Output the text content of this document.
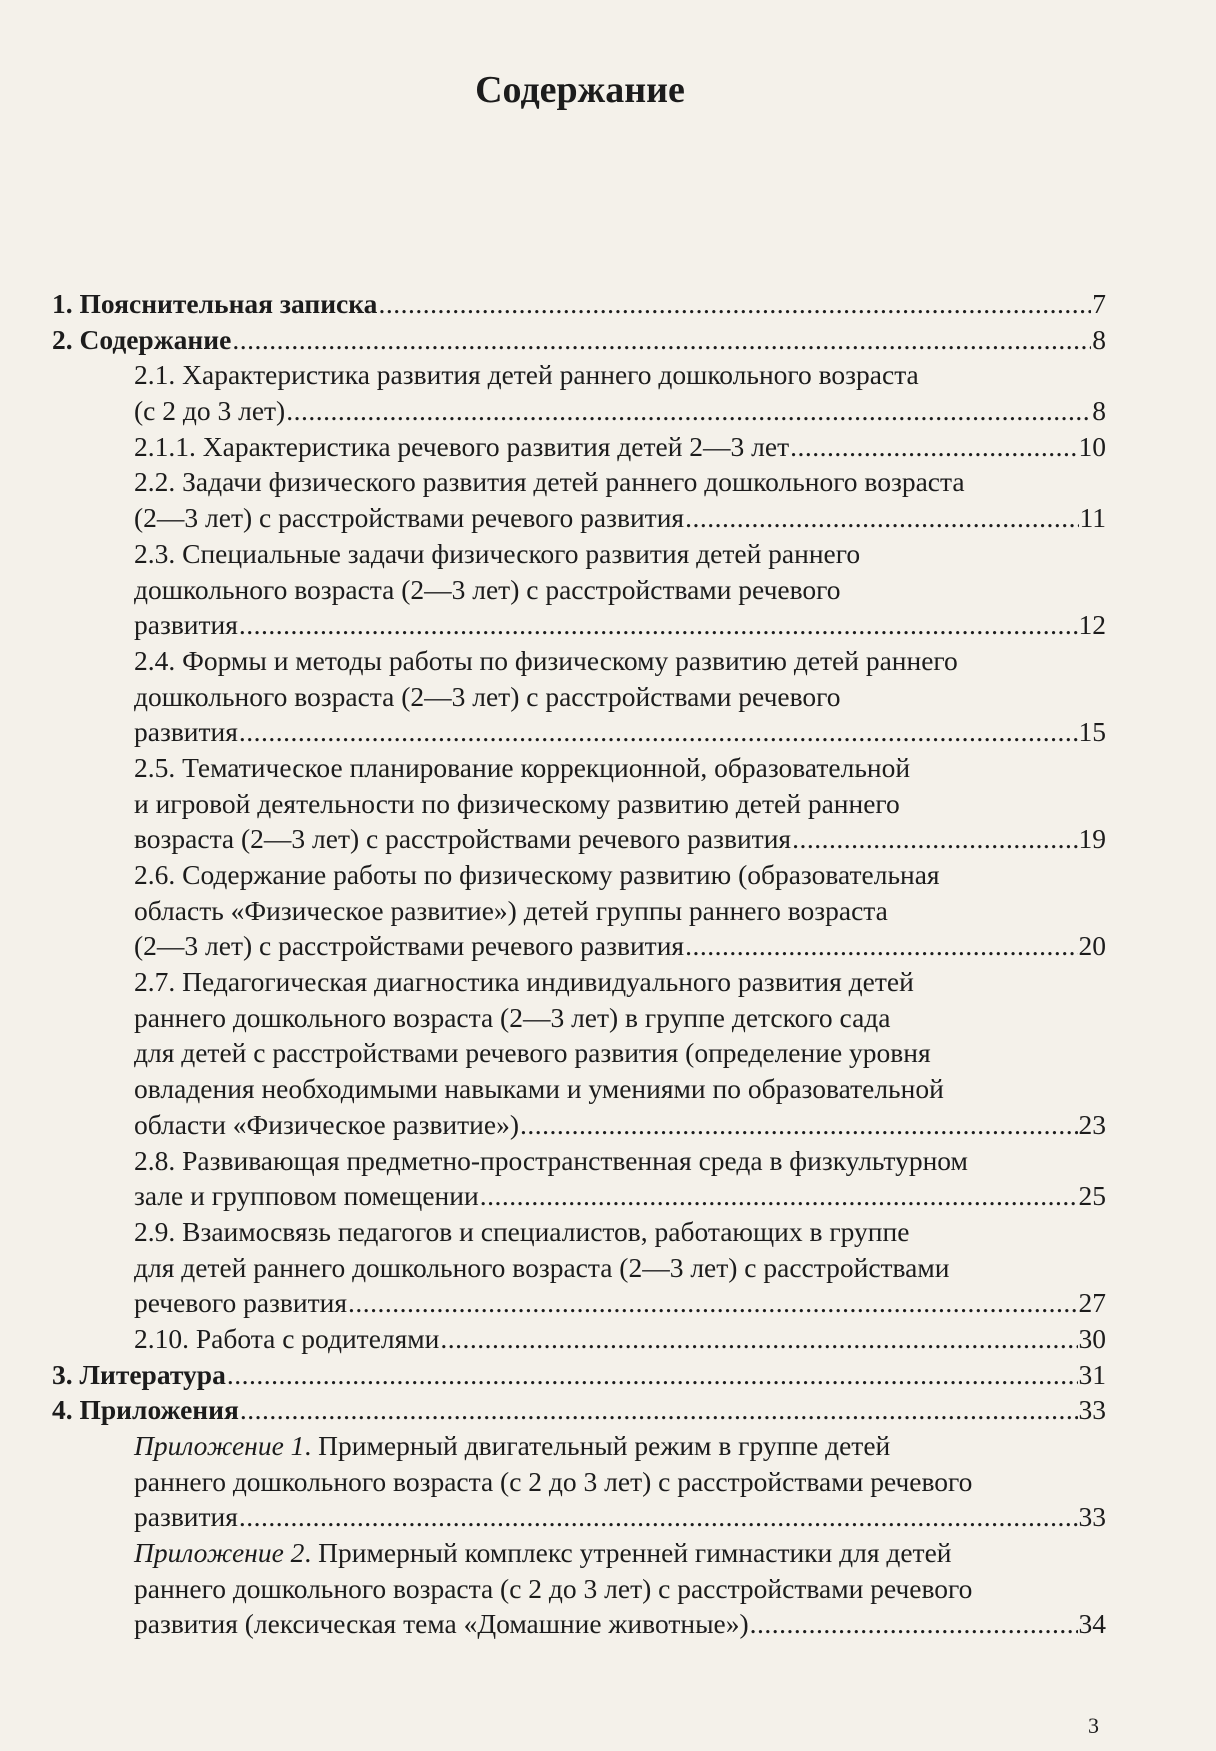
Содержание
1. Пояснительная записка .....	7
2. Содержание .....	8
2.1. Характеристика развития детей раннего дошкольного возраста
(с 2 до 3 лет) .....	8
2.1.1. Характеристика речевого развития детей 2—3 лет .....	10
2.2. Задачи физического развития детей раннего дошкольного возраста
(2—3 лет) с расстройствами речевого развития .....	11
2.3. Специальные задачи физического развития детей раннего
дошкольного возраста (2—3 лет) с расстройствами речевого
развития .....	12
2.4. Формы и методы работы по физическому развитию детей раннего
дошкольного возраста (2—3 лет) с расстройствами речевого
развития .....	15
2.5. Тематическое планирование коррекционной, образовательной
и игровой деятельности по физическому развитию детей раннего
возраста (2—3 лет) с расстройствами речевого развития .....	19
2.6. Содержание работы по физическому развитию (образовательная
область «Физическое развитие») детей группы раннего возраста
(2—3 лет) с расстройствами речевого развития .....	20
2.7. Педагогическая диагностика индивидуального развития детей
раннего дошкольного возраста (2—3 лет) в группе детского сада
для детей с расстройствами речевого развития (определение уровня
овладения необходимыми навыками и умениями по образовательной
области «Физическое развитие») .....	23
2.8. Развивающая предметно-пространственная среда в физкультурном
зале и групповом помещении .....	25
2.9. Взаимосвязь педагогов и специалистов, работающих в группе
для детей раннего дошкольного возраста (2—3 лет) с расстройствами
речевого развития .....	27
2.10. Работа с родителями .....	30
3. Литература .....	31
4. Приложения .....	33
Приложение 1. Примерный двигательный режим в группе детей
раннего дошкольного возраста (с 2 до 3 лет) с расстройствами речевого
развития .....	33
Приложение 2. Примерный комплекс утренней гимнастики для детей
раннего дошкольного возраста (с 2 до 3 лет) с расстройствами речевого
развития (лексическая тема «Домашние животные») .....	34
3
